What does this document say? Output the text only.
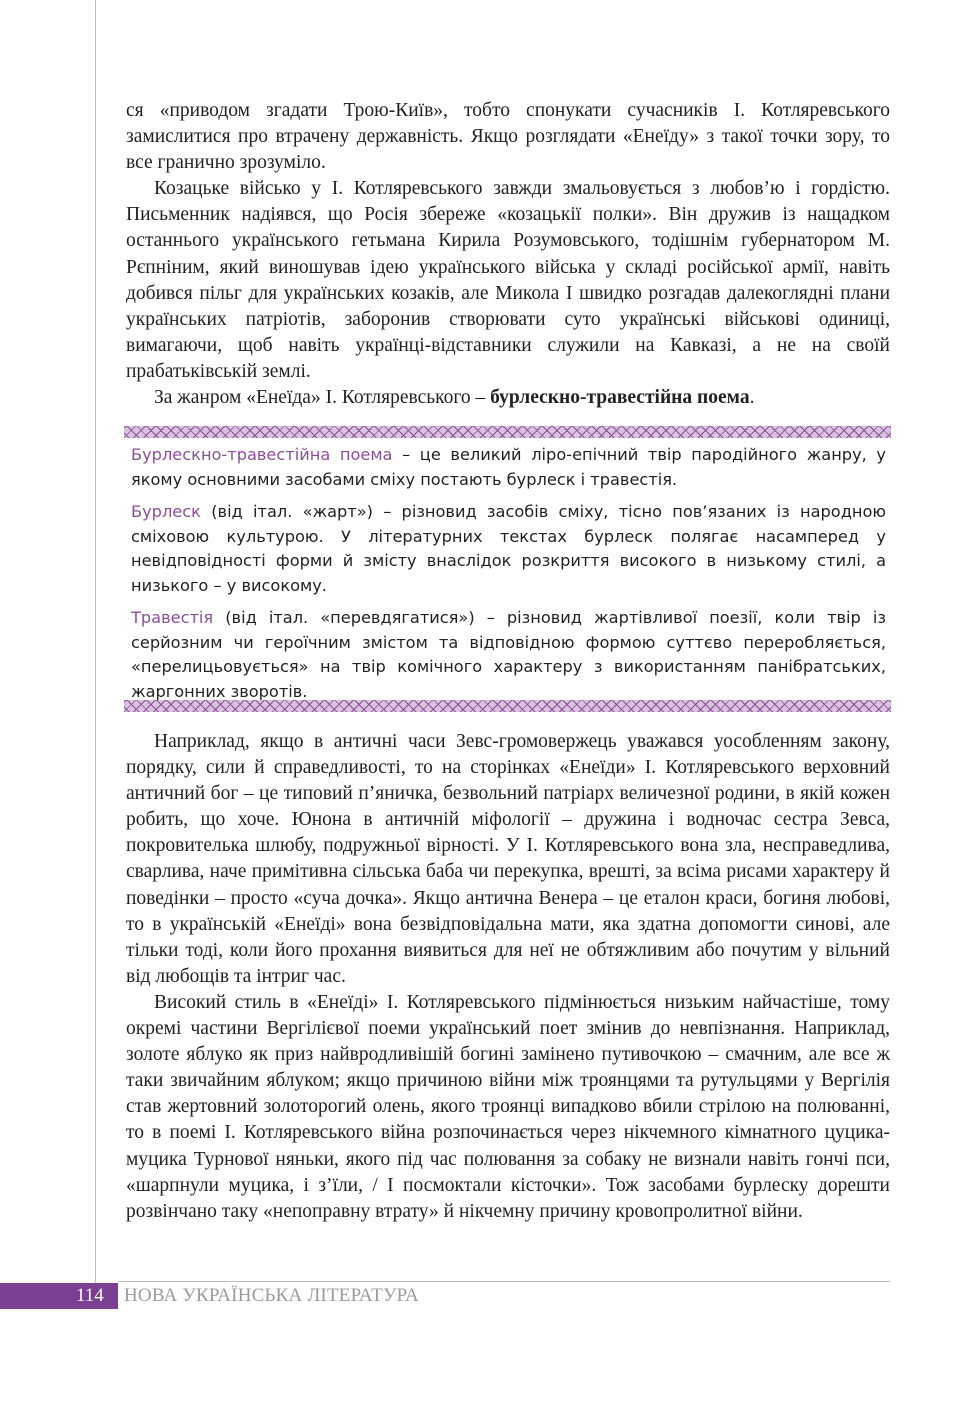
ся «приводом згадати Трою-Київ», тобто спонукати сучасників І. Котляревського замислитися про втрачену державність. Якщо розглядати «Енеїду» з такої точки зору, то все гранично зрозуміло.

Козацьке військо у І. Котляревського завжди змальовується з любов’ю і гордістю. Письменник надіявся, що Росія збереже «козацькії полки». Він дружив із нащадком останнього українського гетьмана Кирила Розумовського, тодішнім губернатором М. Рєпніним, який виношував ідею українського війська у складі російської армії, навіть добився пільг для українських козаків, але Микола І швидко розгадав далекоглядні плани українських патріотів, заборонив створювати суто українські військові одиниці, вимагаючи, щоб навіть українці-відставники служили на Кавказі, а не на своїй прабатьківській землі.

За жанром «Енеїда» І. Котляревського – бурлескно-травестійна поема.

Бурлескно-травестійна поема – це великий ліро-епічний твір пародійного жанру, у якому основними засобами сміху постають бурлеск і травестія.

Бурлеск (від італ. «жарт») – різновид засобів сміху, тісно пов’язаних із народною сміховою культурою. У літературних текстах бурлеск полягає насамперед у невідповідності форми й змісту внаслідок розкриття високого в низькому стилі, а низького – у високому.

Травестія (від італ. «перевдягатися») – різновид жартівливої поезії, коли твір із серйозним чи героїчним змістом та відповідною формою суттєво переробляється, «перелицьовується» на твір комічного характеру з використанням панібратських, жаргонних зворотів.

Наприклад, якщо в античні часи Зевс-громовержець уважався уособленням закону, порядку, сили й справедливості, то на сторінках «Енеїди» І. Котляревського верховний античний бог – це типовий п’яничка, безвольний патріарх величезної родини, в якій кожен робить, що хоче. Юнона в античній міфології – дружина і водночас сестра Зевса, покровителька шлюбу, подружньої вірності. У І. Котляревського вона зла, несправедлива, сварлива, наче примітивна сільська баба чи перекупка, врешті, за всіма рисами характеру й поведінки – просто «суча дочка». Якщо антична Венера – це еталон краси, богиня любові, то в українській «Енеїді» вона безвідповідальна мати, яка здатна допомогти синові, але тільки тоді, коли його прохання виявиться для неї не обтяжливим або почутим у вільний від любощів та інтриг час.

Високий стиль в «Енеїді» І. Котляревського підмінюється низьким найчастіше, тому окремі частини Вергілієвої поеми український поет змінив до невпізнання. Наприклад, золоте яблуко як приз найвродливішій богині замінено путивочкою – смачним, але все ж таки звичайним яблуком; якщо причиною війни між троянцями та рутульцями у Вергілія став жертовний золоторогий олень, якого троянці випадково вбили стрілою на полюванні, то в поемі І. Котляревського війна розпочинається через нікчемного кімнатного цуцика-муцика Турнової няньки, якого під час полювання за собаку не визнали навіть гончі пси, «шарпнули муцика, і з’їли, / І посмоктали кісточки». Тож засобами бурлеску дорешти розвінчано таку «непоправну втрату» й нікчемну причину кровопролитної війни.

114 НОВА УКРАЇНСЬКА ЛІТЕРАТУРА
